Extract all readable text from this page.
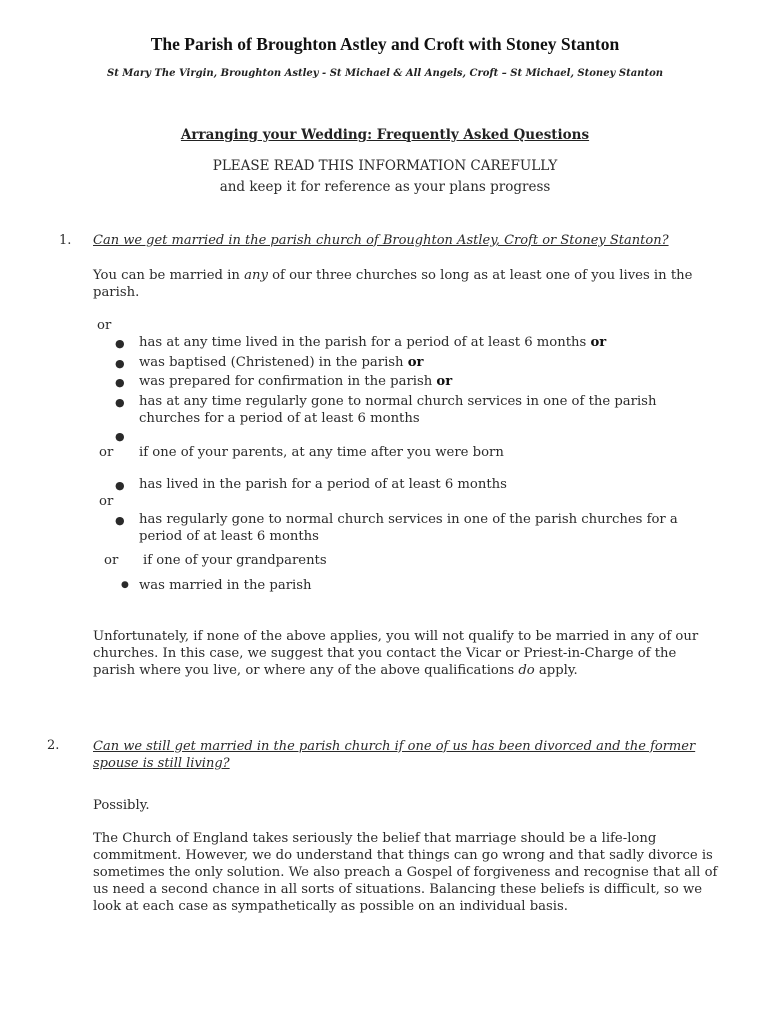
The Parish of Broughton Astley and Croft with Stoney Stanton
St Mary The Virgin, Broughton Astley - St Michael & All Angels, Croft – St Michael, Stoney Stanton
Arranging your Wedding: Frequently Asked Questions
PLEASE READ THIS INFORMATION CAREFULLY
and keep it for reference as your plans progress
1. Can we get married in the parish church of Broughton Astley, Croft or Stoney Stanton?
You can be married in any of our three churches so long as at least one of you lives in the parish.
or
● has at any time lived in the parish for a period of at least 6 months or
● was baptised (Christened) in the parish or
● was prepared for confirmation in the parish or
● has at any time regularly gone to normal church services in one of the parish churches for a period of at least 6 months
●
or if one of your parents, at any time after you were born
● has lived in the parish for a period of at least 6 months
or
● has regularly gone to normal church services in one of the parish churches for a period of at least 6 months
or if one of your grandparents
● was married in the parish
Unfortunately, if none of the above applies, you will not qualify to be married in any of our churches. In this case, we suggest that you contact the Vicar or Priest-in-Charge of the parish where you live, or where any of the above qualifications do apply.
2.	Can we still get married in the parish church if one of us has been divorced and the former spouse is still living?
Possibly.
The Church of England takes seriously the belief that marriage should be a life-long commitment. However, we do understand that things can go wrong and that sadly divorce is sometimes the only solution. We also preach a Gospel of forgiveness and recognise that all of us need a second chance in all sorts of situations. Balancing these beliefs is difficult, so we look at each case as sympathetically as possible on an individual basis.
